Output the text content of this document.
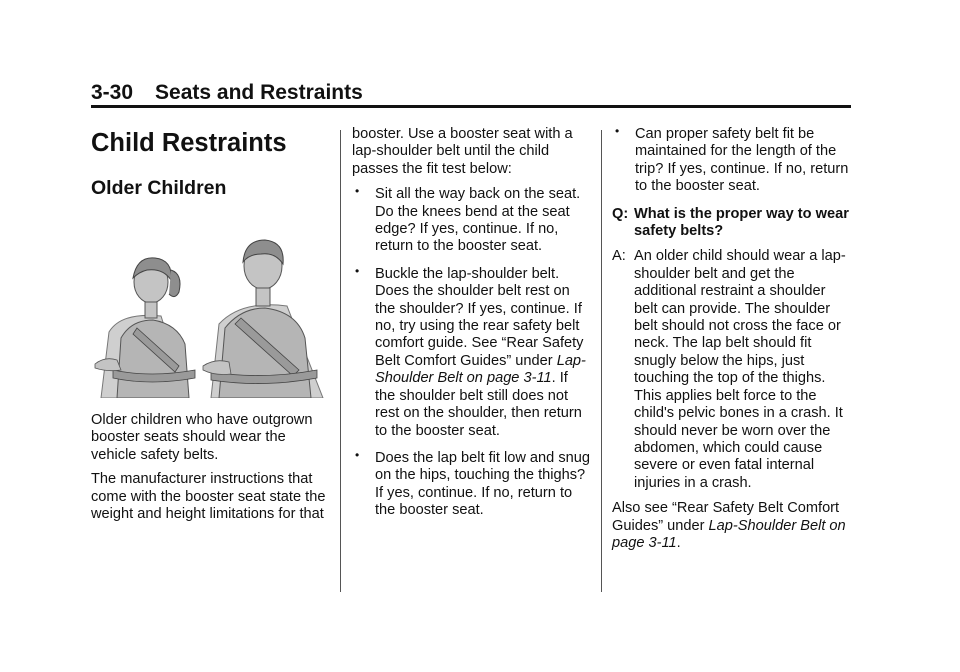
3-30 Seats and Restraints
Child Restraints
Older Children

Older children who have outgrown booster seats should wear the vehicle safety belts.

The manufacturer instructions that come with the booster seat state the weight and height limitations for that

booster. Use a booster seat with a lap-shoulder belt until the child passes the fit test below:

• Sit all the way back on the seat. Do the knees bend at the seat edge? If yes, continue. If no, return to the booster seat.
• Buckle the lap-shoulder belt. Does the shoulder belt rest on the shoulder? If yes, continue. If no, try using the rear safety belt comfort guide. See “Rear Safety Belt Comfort Guides” under Lap-Shoulder Belt on page 3-11. If the shoulder belt still does not rest on the shoulder, then return to the booster seat.
• Does the lap belt fit low and snug on the hips, touching the thighs? If yes, continue. If no, return to the booster seat.
• Can proper safety belt fit be maintained for the length of the trip? If yes, continue. If no, return to the booster seat.
Q: What is the proper way to wear safety belts?
A: An older child should wear a lap-shoulder belt and get the additional restraint a shoulder belt can provide. The shoulder belt should not cross the face or neck. The lap belt should fit snugly below the hips, just touching the top of the thighs. This applies belt force to the child's pelvic bones in a crash. It should never be worn over the abdomen, which could cause severe or even fatal internal injuries in a crash.

Also see “Rear Safety Belt Comfort Guides” under Lap-Shoulder Belt on page 3-11.
